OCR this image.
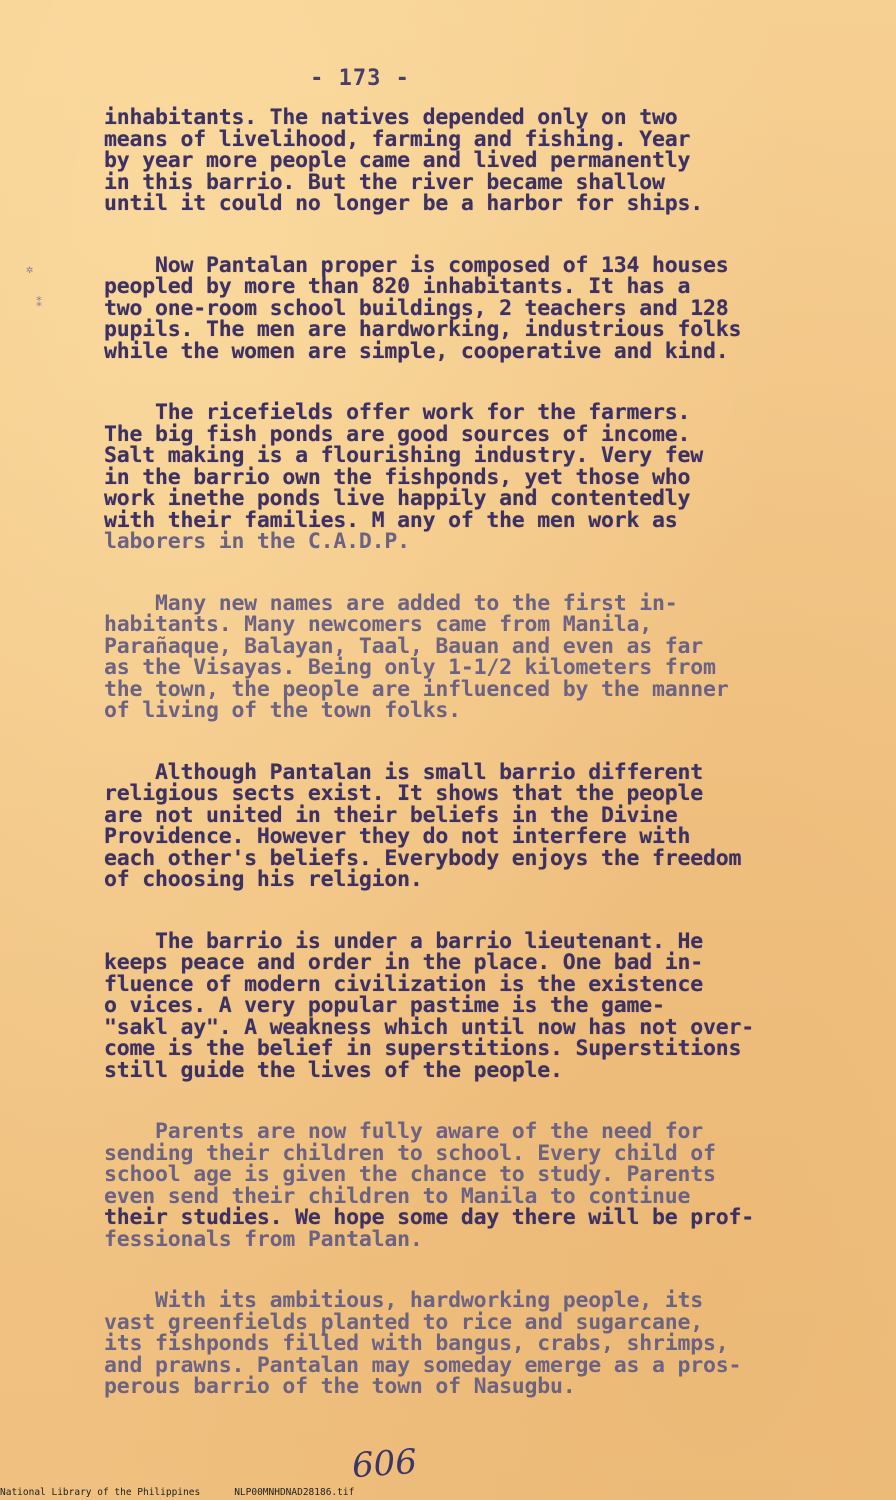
- 173 -
✲
⁑
inhabitants. The natives depended only on two
means of livelihood, farming and fishing. Year
by year more people came and lived permanently
in this barrio. But the river became shallow
until it could no longer be a harbor for ships.
Now Pantalan proper is composed of 134 houses
peopled by more than 820 inhabitants. It has a
two one-room school buildings, 2 teachers and 128
pupils. The men are hardworking, industrious folks
while the women are simple, cooperative and kind.
The ricefields offer work for the farmers.
The big fish ponds are good sources of income.
Salt making is a flourishing industry. Very few
in the barrio own the fishponds, yet those who
work inethe ponds live happily and contentedly
with their families. M any of the men work as
laborers in the C.A.D.P.
Many new names are added to the first in-
habitants. Many newcomers came from Manila,
Parañaque, Balayan, Taal, Bauan and even as far
as the Visayas. Being only 1-1/2 kilometers from
the town, the people are influenced by the manner
of living of the town folks.
Although Pantalan is small barrio different
religious sects exist. It shows that the people
are not united in their beliefs in the Divine
Providence. However they do not interfere with
each other's beliefs. Everybody enjoys the freedom
of choosing his religion.
The barrio is under a barrio lieutenant. He
keeps peace and order in the place. One bad in-
fluence of modern civilization is the existence
o vices. A very popular pastime is the game-
"sakl ay". A weakness which until now has not over-
come is the belief in superstitions. Superstitions
still guide the lives of the people.
Parents are now fully aware of the need for
sending their children to school. Every child of
school age is given the chance to study. Parents
even send their children to Manila to continue
their studies. We hope some day there will be prof-
fessionals from Pantalan.
With its ambitious, hardworking people, its
vast greenfields planted to rice and sugarcane,
its fishponds filled with bangus, crabs, shrimps,
and prawns. Pantalan may someday emerge as a pros-
perous barrio of the town of Nasugbu.
606
National Library of the Philippines	NLP00MNHDNAD28186.tif
